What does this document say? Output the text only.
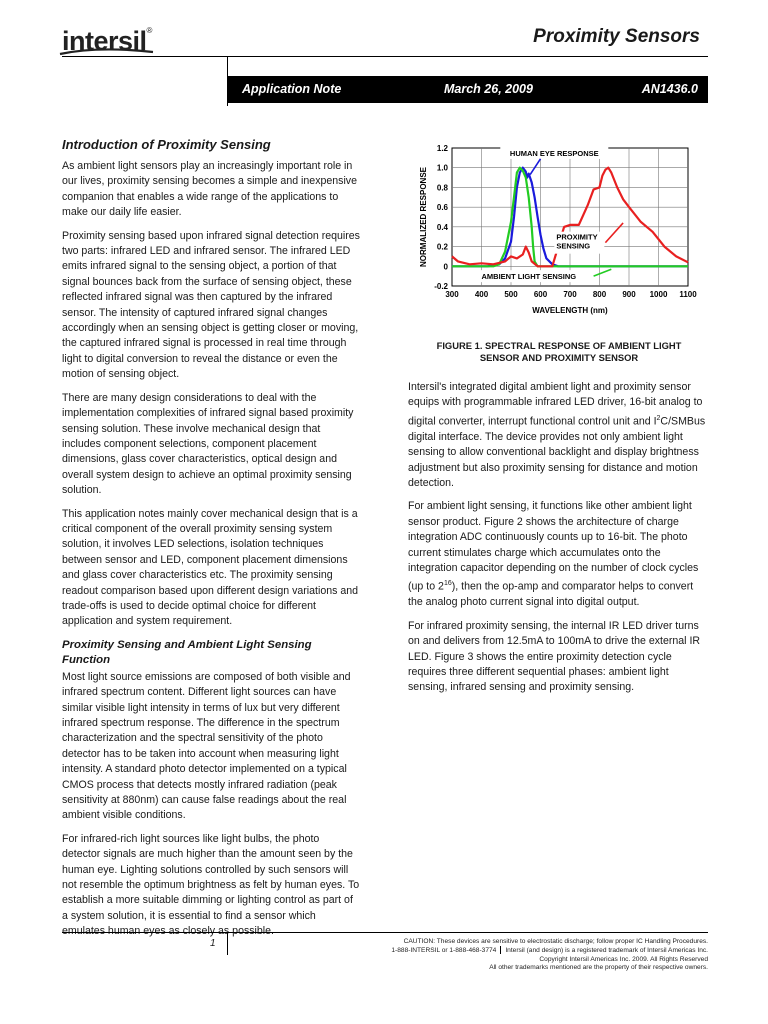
intersil®	Proximity Sensors
Application Note	March 26, 2009	AN1436.0
Introduction of Proximity Sensing

As ambient light sensors play an increasingly important role in our lives, proximity sensing becomes a simple and inexpensive companion that enables a wide range of the applications to make our daily life easier.

Proximity sensing based upon infrared signal detection requires two parts: infrared LED and infrared sensor. The infrared LED emits infrared signal to the sensing object, a portion of that signal bounces back from the surface of sensing object, these reflected infrared signal was then captured by the infrared sensor. The intensity of captured infrared signal changes accordingly when an sensing object is getting closer or moving, the captured infrared signal is processed in real time through light to digital conversion to reveal the distance or even the motion of sensing object.

There are many design considerations to deal with the implementation complexities of infrared signal based proximity sensing solution. These involve mechanical design that includes component selections, component placement dimensions, glass cover characteristics, optical design and overall system design to achieve an optimal proximity sensing solution.

This application notes mainly cover mechanical design that is a critical component of the overall proximity sensing system solution, it involves LED selections, isolation techniques between sensor and LED, component placement dimensions and glass cover characteristics etc. The proximity sensing readout comparison based upon different design variations and trade-offs is used to decide optimal choice for different application and system requirement.

Proximity Sensing and Ambient Light Sensing Function

Most light source emissions are composed of both visible and infrared spectrum content. Different light sources can have similar visible light intensity in terms of lux but very different infrared spectrum response. The difference in the spectrum characterization and the spectral sensitivity of the photo detector has to be taken into account when measuring light intensity. A standard photo detector implemented on a typical CMOS process that detects mostly infrared radiation (peak sensitivity at 880nm) can cause false readings about the real ambient visible conditions.

For infrared-rich light sources like light bulbs, the photo detector signals are much higher than the amount seen by the human eye. Lighting solutions controlled by such sensors will not resemble the optimum brightness as felt by human eyes. To establish a more suitable dimming or lighting control as part of a system solution, it is essential to find a sensor which

300 400 500 600 700 800 900 1000 1100
1.2
1.0
0.8
0.6
0.4
0.2
0
-0.2
WAVELENGTH (nm)
NORMALIZED RESPONSE
HUMAN EYE RESPONSE
PROXIMITY
SENSING
AMBIENT LIGHT SENSING
FIGURE 1. SPECTRAL RESPONSE OF AMBIENT LIGHT
SENSOR AND PROXIMITY SENSOR

Intersil's integrated digital ambient light and proximity sensor equips with programmable infrared LED driver, 16-bit analog to digital converter, interrupt functional control unit and $I^2C$/SMBus digital interface. The device provides not only ambient light sensing to allow conventional backlight and display brightness adjustment but also proximity sensing for distance and motion detection.

For ambient light sensing, it functions like other ambient light sensor product. Figure 2 shows the architecture of charge integration ADC continuously counts up to 16-bit. The photo current stimulates charge which accumulates onto the integration capacitor depending on the number of clock cycles (up to $2^{16}$), then the op-amp and comparator helps to convert the analog photo current signal into digital output.

For infrared proximity sensing, the internal IR LED driver turns on and delivers from 12.5mA to 100mA to drive the external IR LED. Figure 3 shows the entire proximity detection cycle requires three different sequential phases: ambient light sensing, infrared sensing and proximity sensing.

1	CAUTION: These devices are sensitive to electrostatic discharge; follow proper IC Handling Procedures.
1-888-INTERSIL or 1-888-468-3774 Intersil (and design) is a registered trademark of Intersil Americas Inc.
Copyright Intersil Americas Inc. 2009. All Rights Reserved
All other trademarks mentioned are the property of their respective owners.
